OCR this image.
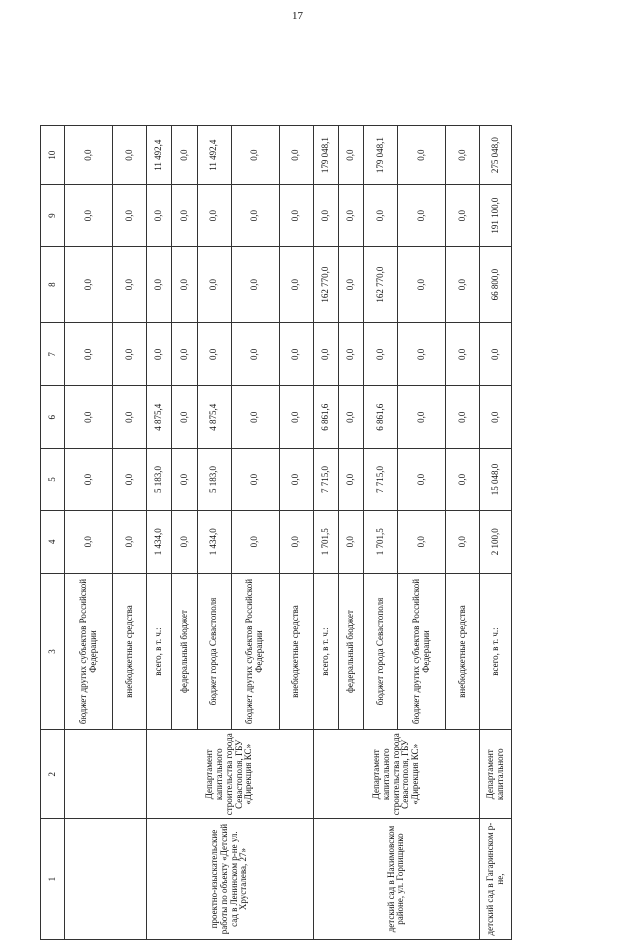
17
1	2	3	4	5	6	7	8	9	10
		бюджет других субъектов Российской Федерации	0,0	0,0	0,0	0,0	0,0	0,0	0,0
		внебюджетные средства	0,0	0,0	0,0	0,0	0,0	0,0	0,0
проектно-изыскательские работы по объекту «Детский сад в Ленинском р-не ул. Хрусталева, 27»	Департамент капитального строительства города Севастополя, ГБУ «Дирекция КС»	всего, в т. ч.:	1 434,0	5 183,0	4 875,4	0,0	0,0	0,0	11 492,4
		федеральный бюджет	0,0	0,0	0,0	0,0	0,0	0,0	0,0
		бюджет города Севастополя	1 434,0	5 183,0	4 875,4	0,0	0,0	0,0	11 492,4
		бюджет других субъектов Российской Федерации	0,0	0,0	0,0	0,0	0,0	0,0	0,0
		внебюджетные средства	0,0	0,0	0,0	0,0	0,0	0,0	0,0
детский сад в Нахимовском районе, ул. Горпищенко	Департамент капитального строительства города Севастополя, ГБУ «Дирекция КС»	всего, в т. ч.:	1 701,5	7 715,0	6 861,6	0,0	162 770,0	0,0	179 048,1
		федеральный бюджет	0,0	0,0	0,0	0,0	0,0	0,0	0,0
		бюджет города Севастополя	1 701,5	7 715,0	6 861,6	0,0	162 770,0	0,0	179 048,1
		бюджет других субъектов Российской Федерации	0,0	0,0	0,0	0,0	0,0	0,0	0,0
		внебюджетные средства	0,0	0,0	0,0	0,0	0,0	0,0	0,0
детский сад в Гагаринском р-не,	Департамент капитального	всего, в т. ч.:	2 100,0	15 048,0	0,0	0,0	66 800,0	191 100,0	275 048,0
